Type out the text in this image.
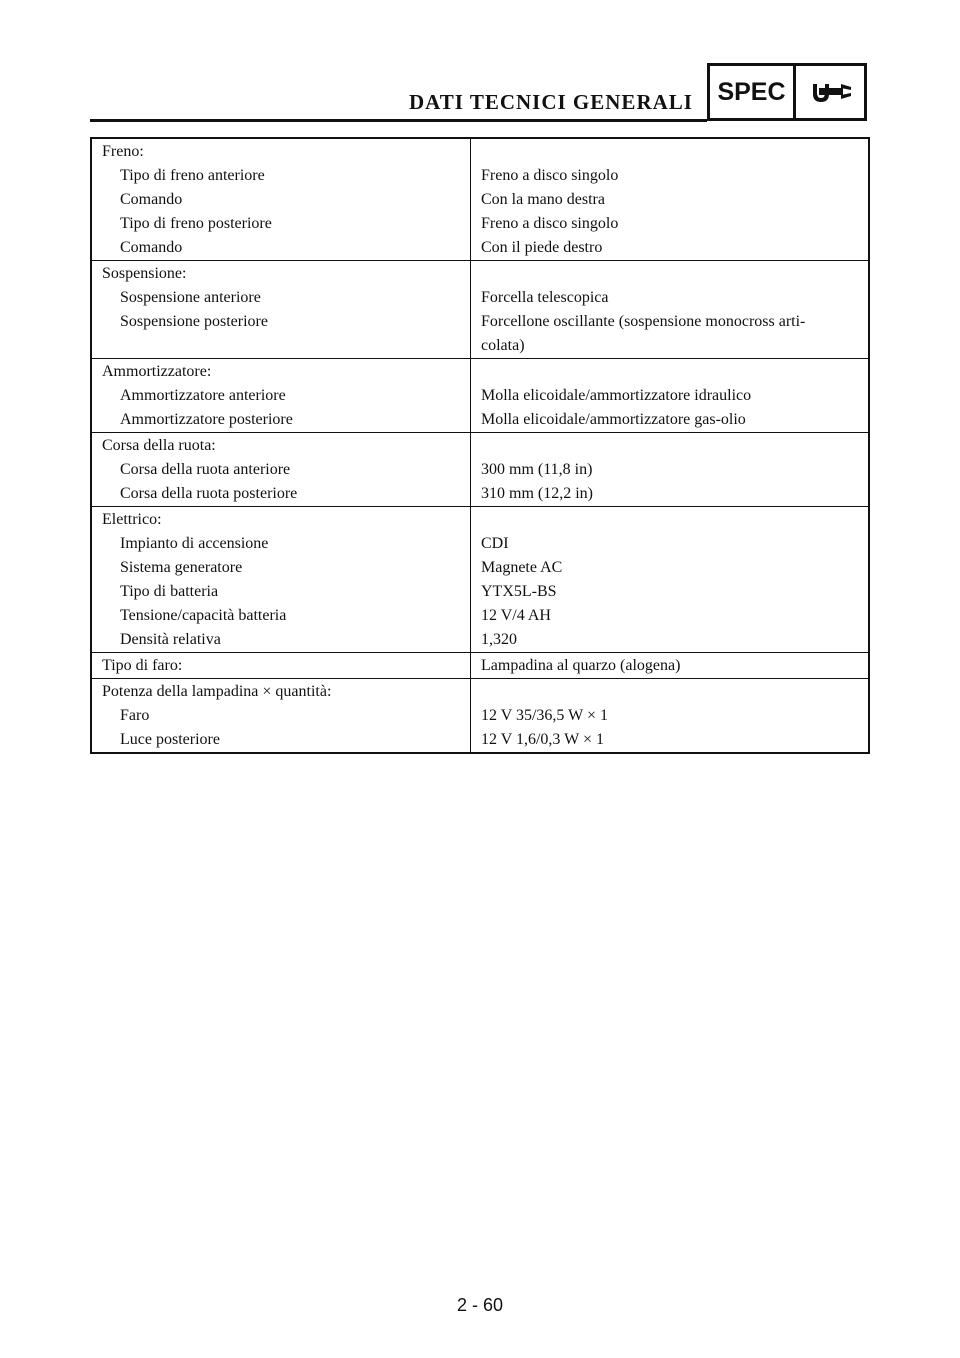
DATI TECNICI GENERALI SPEC
Freno:
Tipo di freno anteriore	Freno a disco singolo
Comando	Con la mano destra
Tipo di freno posteriore	Freno a disco singolo
Comando	Con il piede destro
Sospensione:
Sospensione anteriore	Forcella telescopica
Sospensione posteriore	Forcellone oscillante (sospensione monocross arti-
colata)
Ammortizzatore:
Ammortizzatore anteriore	Molla elicoidale/ammortizzatore idraulico
Ammortizzatore posteriore	Molla elicoidale/ammortizzatore gas-olio
Corsa della ruota:
Corsa della ruota anteriore	300 mm (11,8 in)
Corsa della ruota posteriore	310 mm (12,2 in)
Elettrico:
Impianto di accensione	CDI
Sistema generatore	Magnete AC
Tipo di batteria	YTX5L-BS
Tensione/capacità batteria	12 V/4 AH
Densità relativa	1,320
Tipo di faro:	Lampadina al quarzo (alogena)
Potenza della lampadina × quantità:
Faro	12 V 35/36,5 W × 1
Luce posteriore	12 V 1,6/0,3 W × 1
2 - 60
